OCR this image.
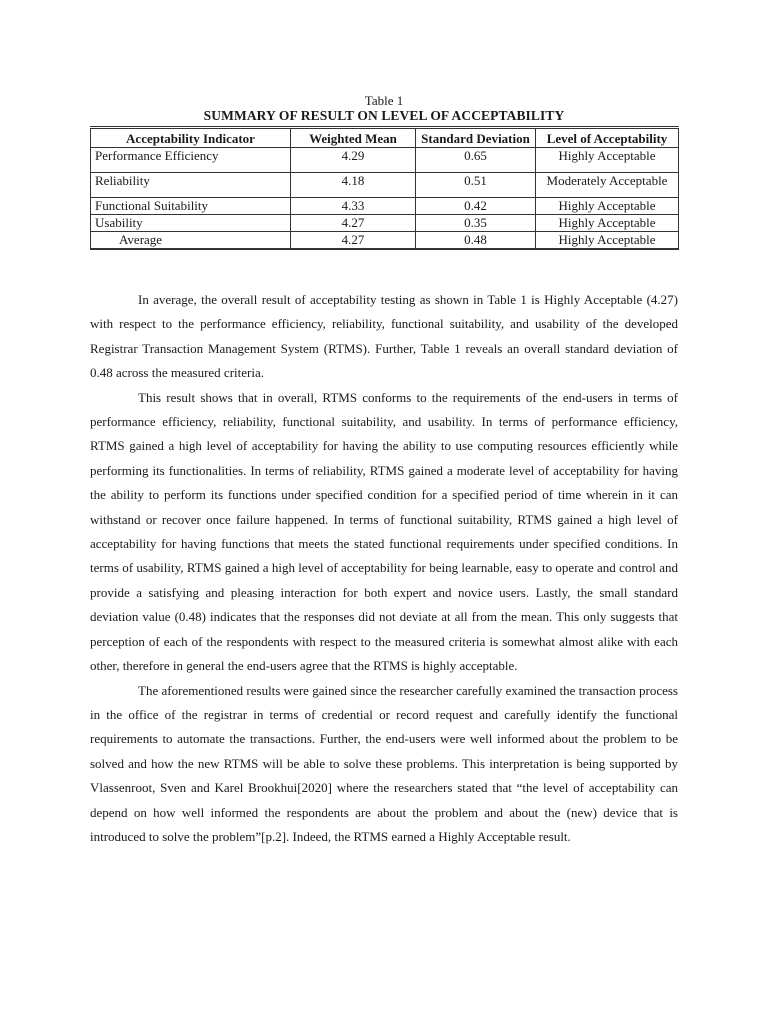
Table 1
SUMMARY OF RESULT ON LEVEL OF ACCEPTABILITY
Acceptability Indicator	Weighted Mean	Standard Deviation	Level of Acceptability
Performance Efficiency	4.29	0.65	Highly Acceptable
Reliability	4.18	0.51	Moderately Acceptable
Functional Suitability	4.33	0.42	Highly Acceptable
Usability	4.27	0.35	Highly Acceptable
Average	4.27	0.48	Highly Acceptable

In average, the overall result of acceptability testing as shown in Table 1 is Highly Acceptable (4.27) with respect to the performance efficiency, reliability, functional suitability, and usability of the developed Registrar Transaction Management System (RTMS). Further, Table 1 reveals an overall standard deviation of 0.48 across the measured criteria.

This result shows that in overall, RTMS conforms to the requirements of the end-users in terms of performance efficiency, reliability, functional suitability, and usability. In terms of performance efficiency, RTMS gained a high level of acceptability for having the ability to use computing resources efficiently while performing its functionalities. In terms of reliability, RTMS gained a moderate level of acceptability for having the ability to perform its functions under specified condition for a specified period of time wherein in it can withstand or recover once failure happened. In terms of functional suitability, RTMS gained a high level of acceptability for having functions that meets the stated functional requirements under specified conditions. In terms of usability, RTMS gained a high level of acceptability for being learnable, easy to operate and control and provide a satisfying and pleasing interaction for both expert and novice users. Lastly, the small standard deviation value (0.48) indicates that the responses did not deviate at all from the mean. This only suggests that perception of each of the respondents with respect to the measured criteria is somewhat almost alike with each other, therefore in general the end-users agree that the RTMS is highly acceptable.

The aforementioned results were gained since the researcher carefully examined the transaction process in the office of the registrar in terms of credential or record request and carefully identify the functional requirements to automate the transactions. Further, the end-users were well informed about the problem to be solved and how the new RTMS will be able to solve these problems. This interpretation is being supported by Vlassenroot, Sven and Karel Brookhui[2020] where the researchers stated that “the level of acceptability can depend on how well informed the respondents are about the problem and about the (new) device that is introduced to solve the problem”[p.2]. Indeed, the RTMS earned a Highly Acceptable result.
